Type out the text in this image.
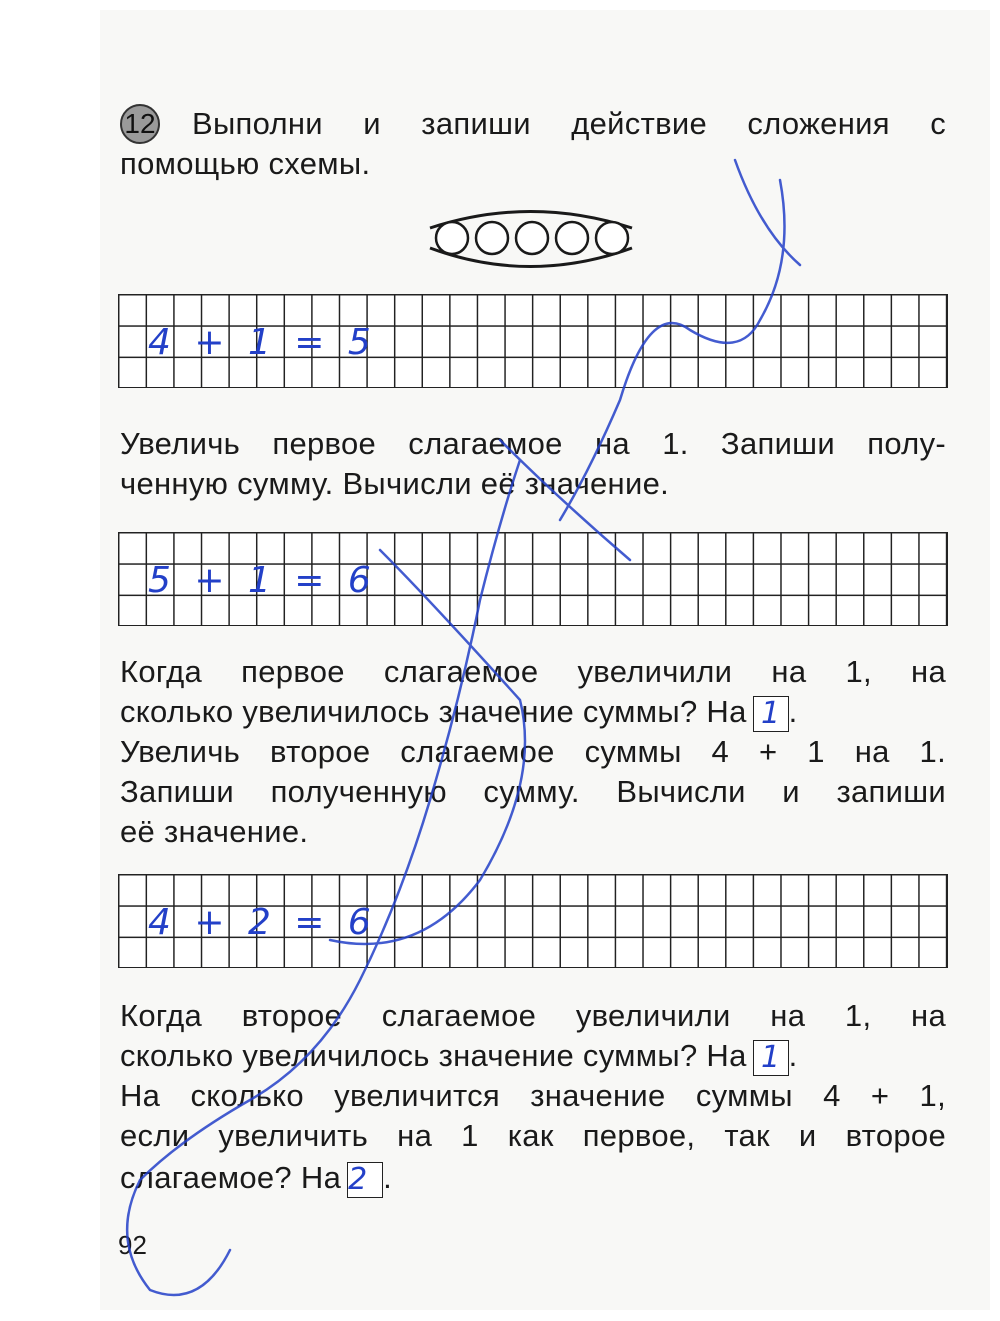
12 Выполни и запиши действие сложения с
помощью схемы.
4 + 1 = 5
Увеличь первое слагаемое на 1. Запиши полу-
ченную сумму. Вычисли её значение.
5 + 1 = 6
Когда первое слагаемое увеличили на 1, на
сколько увеличилось значение суммы? На 1 .
Увеличь второе слагаемое суммы 4 + 1 на 1.
Запиши полученную сумму. Вычисли и запиши
её значение.
4 + 2 = 6
Когда второе слагаемое увеличили на 1, на
сколько увеличилось значение суммы? На 1 .
На сколько увеличится значение суммы 4 + 1,
если увеличить на 1 как первое, так и второе
слагаемое? На 2 .
92
